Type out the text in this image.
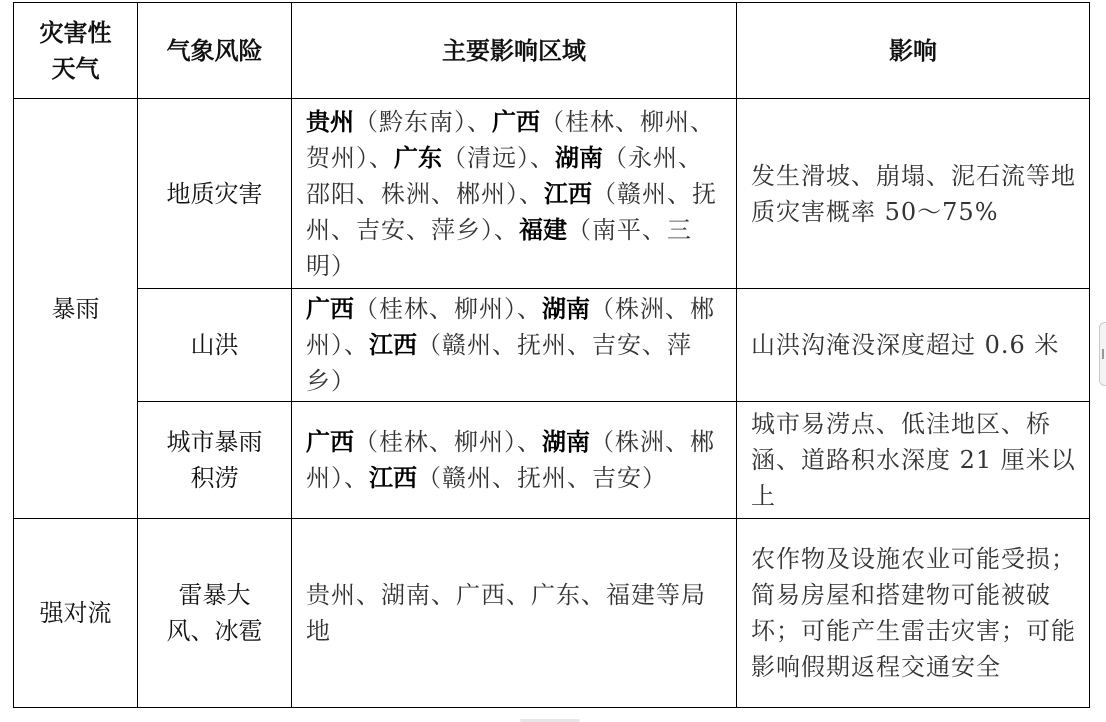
灾害性天气	气象风险	主要影响区域	影响
暴雨	地质灾害	贵州（黔东南）、广西（桂林、柳州、贺州）、广东（清远）、湖南（永州、邵阳、株洲、郴州）、江西（赣州、抚州、吉安、萍乡）、福建（南平、三明）	发生滑坡、崩塌、泥石流等地质灾害概率 50～75%
	山洪	广西（桂林、柳州）、湖南（株洲、郴州）、江西（赣州、抚州、吉安、萍乡）	山洪沟淹没深度超过 0.6 米

	城市暴雨积涝	广西（桂林、柳州）、湖南（株洲、郴州）、江西（赣州、抚州、吉安）	城市易涝点、低洼地区、桥涵、道路积水深度 21 厘米以上
强对流	雷暴大风、冰雹	贵州、湖南、广西、广东、福建等局地	农作物及设施农业可能受损；简易房屋和搭建物可能被破坏；可能产生雷击灾害；可能影响假期返程交通安全
